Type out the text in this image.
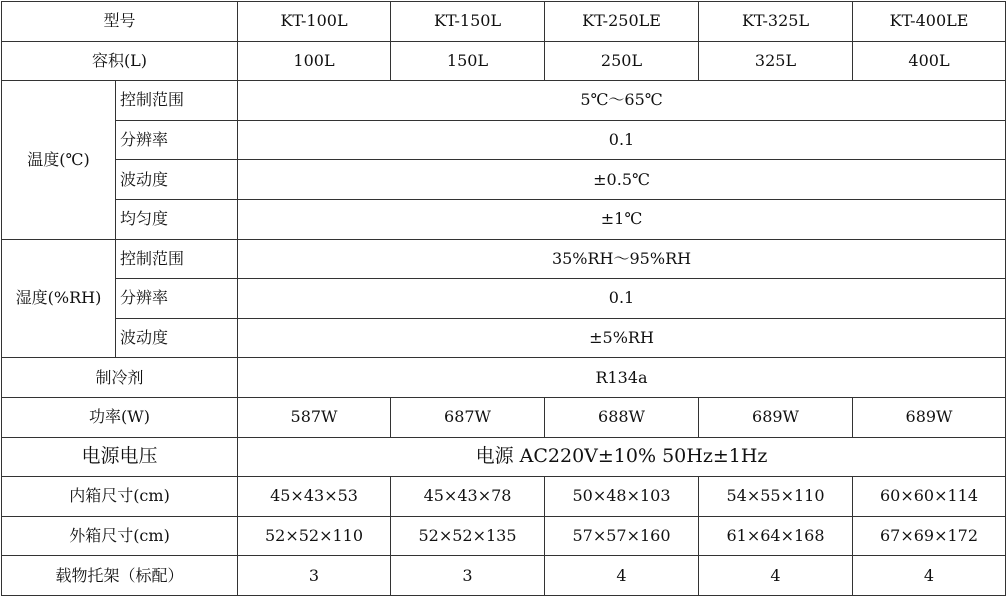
型号		KT-100L	KT-150L	KT-250LE	KT-325L	KT-400LE
容积(L)		100L	150L	250L	325L	400L
温度(℃)	控制范围	5℃～65℃				
	分辨率	0.1				
	波动度	±0.5℃				
	均匀度	±1℃				
湿度(%RH)	控制范围	35%RH～95%RH				
	分辨率	0.1				
	波动度	±5%RH				
制冷剂		R134a				
功率(W)		587W	687W	688W	689W	689W
电源电压		电源 AC220V±10% 50Hz±1Hz				
内箱尺寸(cm)		45×43×53	45×43×78	50×48×103	54×55×110	60×60×114
外箱尺寸(cm)		52×52×110	52×52×135	57×57×160	61×64×168	67×69×172
载物托架（标配）		3	3	4	4	4
